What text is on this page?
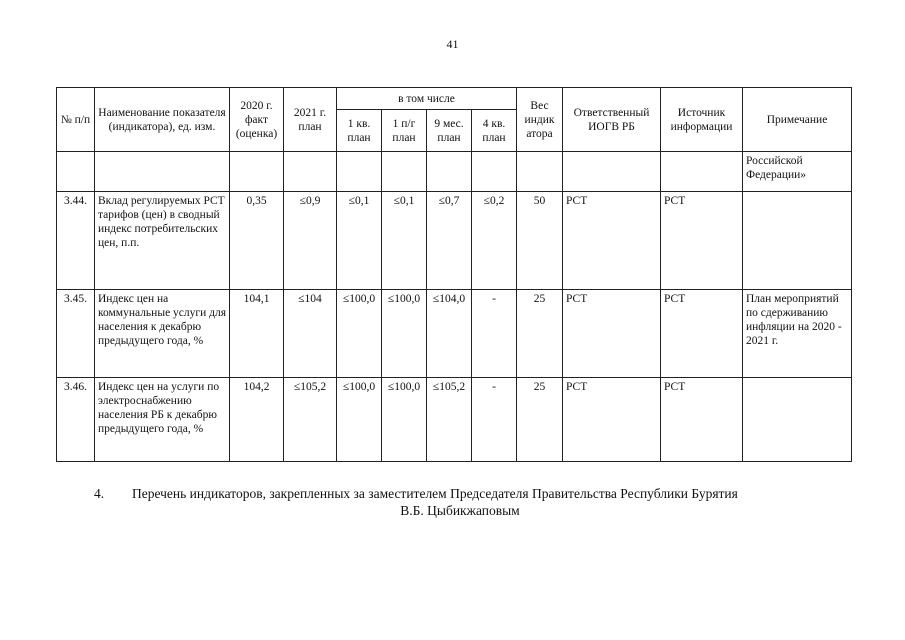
41
№ п/п	Наименование показателя (индикатора), ед. изм.	2020 г. факт (оценка)	2021 г. план	в том числе				Вес индик атора	Ответственный ИОГВ РБ	Источник информации	Примечание
				1 кв. план	1 п/г план	9 мес. план	4 кв. план				
											Российской Федерации»
3.44.	Вклад регулируемых РСТ тарифов (цен) в сводный индекс потребительских цен, п.п.	0,35	≤0,9	≤0,1	≤0,1	≤0,7	≤0,2	50	РСТ	РСТ	
3.45.	Индекс цен на коммунальные услуги для населения к декабрю предыдущего года, %	104,1	≤104	≤100,0	≤100,0	≤104,0	-	25	РСТ	РСТ	План мероприятий по сдерживанию инфляции на 2020 - 2021 г.
3.46.	Индекс цен на услуги по электроснабжению населения РБ к декабрю предыдущего года, %	104,2	≤105,2	≤100,0	≤100,0	≤105,2	-	25	РСТ	РСТ	
4. Перечень индикаторов, закрепленных за заместителем Председателя Правительства Республики Бурятия
В.Б. Цыбикжаповым
